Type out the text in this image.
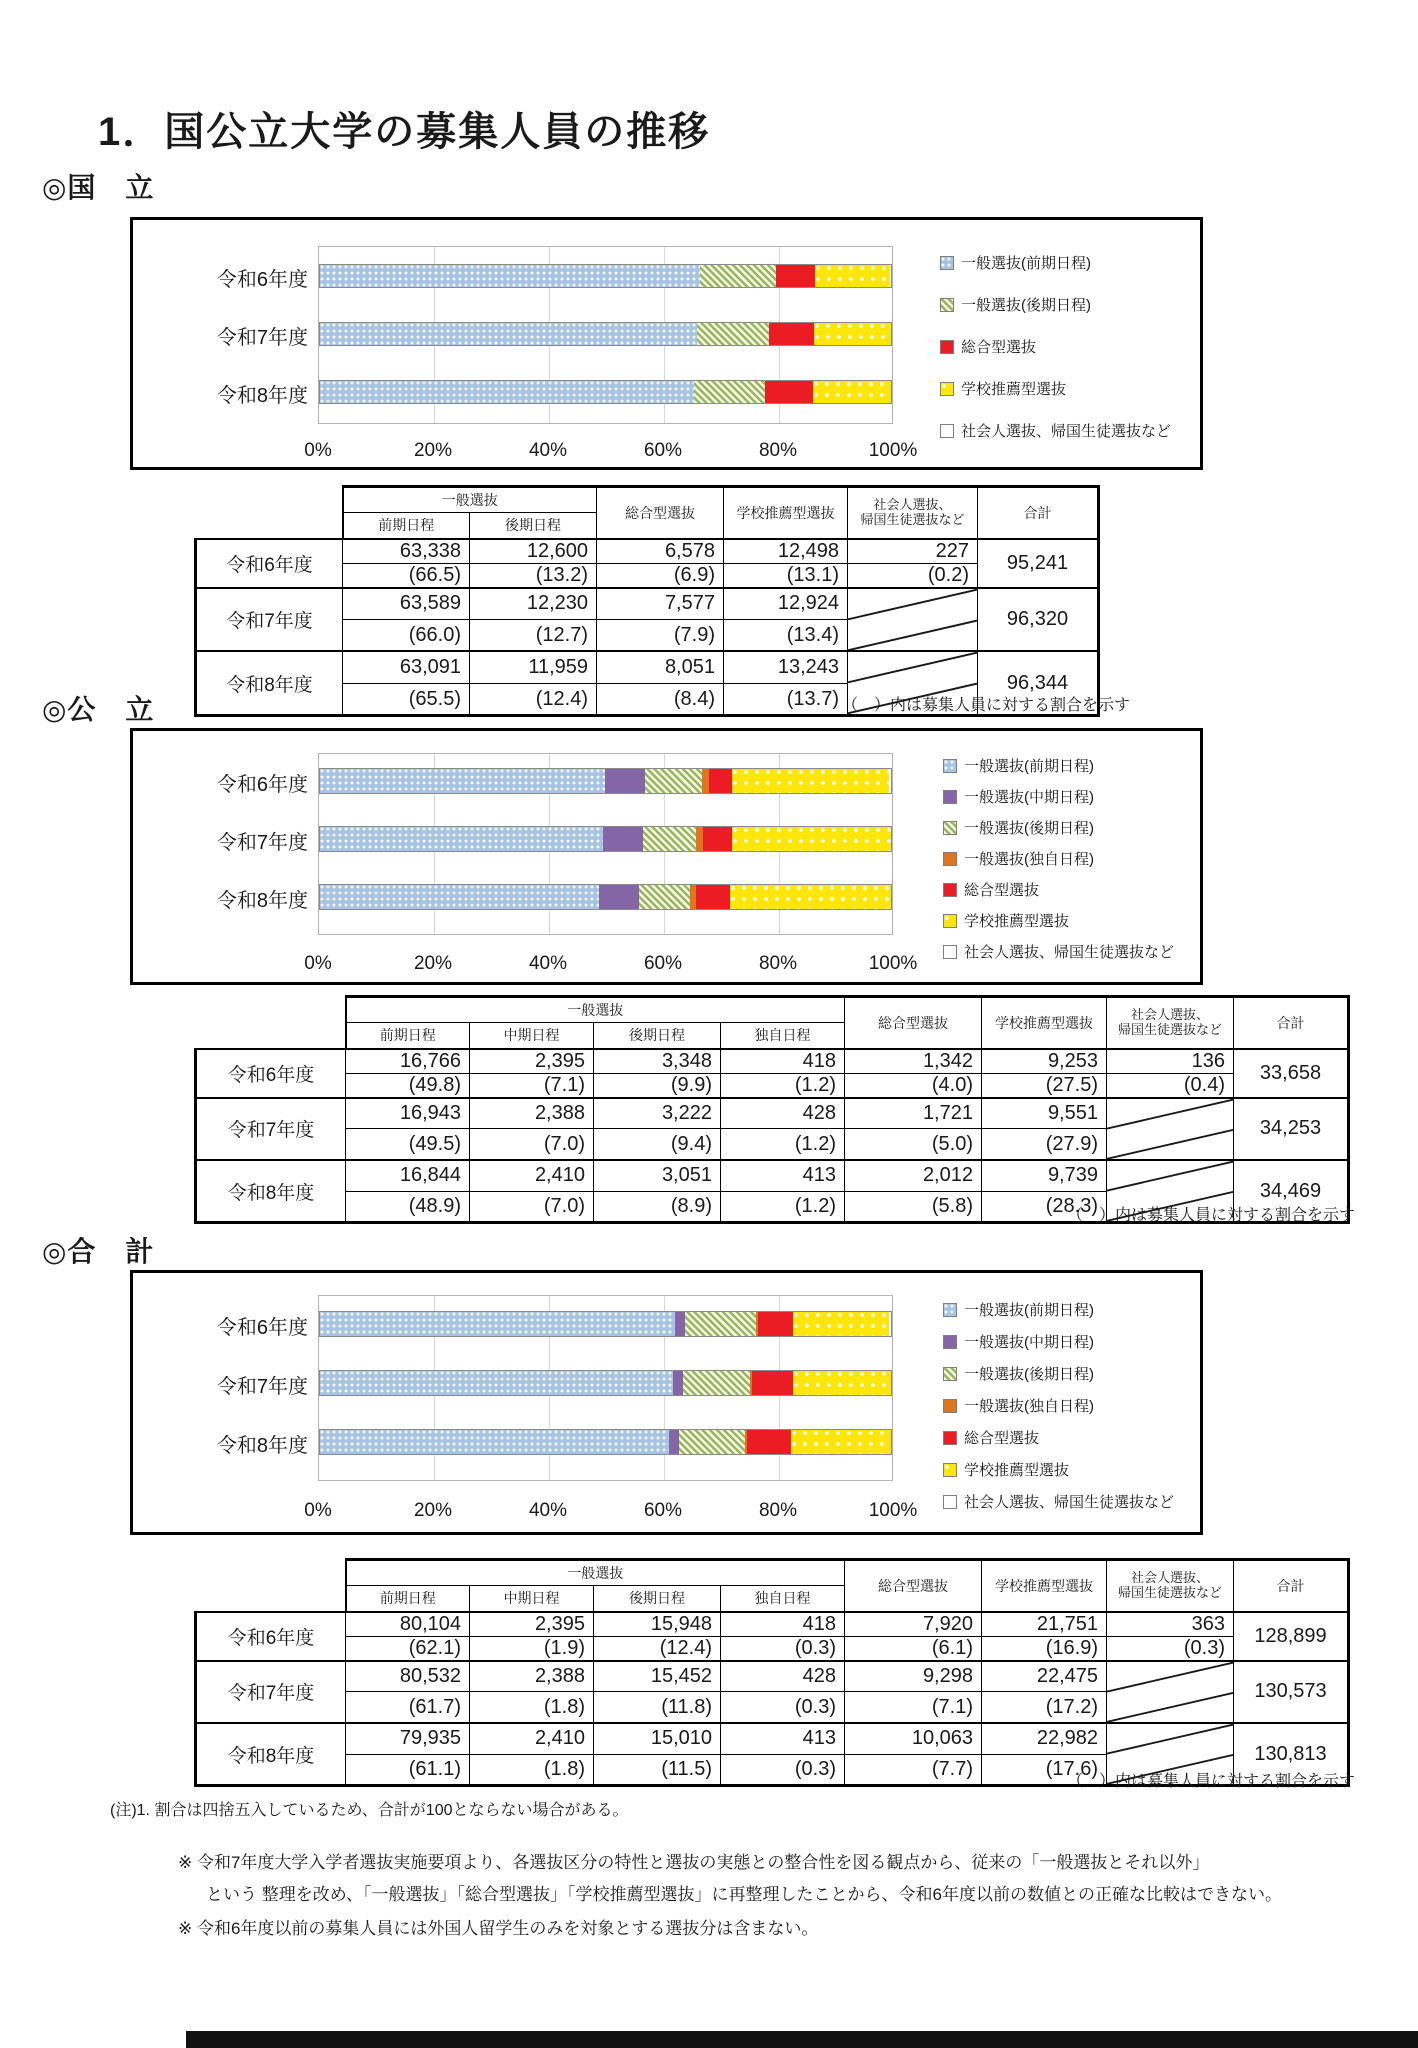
1．国公立大学の募集人員の推移
◎国　立
◎公　立
◎合　計
令和6年度
令和7年度
令和8年度
0%	20%	40%	60%	80%	100%
一般選抜(前期日程)
一般選抜(後期日程)
総合型選抜
学校推薦型選抜
社会人選抜、帰国生徒選抜など
令和6年度
令和7年度
令和8年度
0%	20%	40%	60%	80%	100%
一般選抜(前期日程)
一般選抜(中期日程)
一般選抜(後期日程)
一般選抜(独自日程)
総合型選抜
学校推薦型選抜
社会人選抜、帰国生徒選抜など
令和6年度
令和7年度
令和8年度
0%	20%	40%	60%	80%	100%
一般選抜(前期日程)
一般選抜(中期日程)
一般選抜(後期日程)
一般選抜(独自日程)
総合型選抜
学校推薦型選抜
社会人選抜、帰国生徒選抜など
	一般選抜		総合型選抜	学校推薦型選抜	社会人選抜、
帰国生徒選抜など	合計
	前期日程	後期日程				
令和6年度	63,338	12,600	6,578	12,498	227	95,241
	(66.5)	(13.2)	(6.9)	(13.1)	(0.2)	
令和7年度	63,589	12,230	7,577	12,924		96,320
	(66.0)	(12.7)	(7.9)	(13.4)		
令和8年度	63,091	11,959	8,051	13,243		96,344
	(65.5)	(12.4)	(8.4)	(13.7)		
	一般選抜				総合型選抜	学校推薦型選抜	社会人選抜、
帰国生徒選抜など	合計
	前期日程	中期日程	後期日程	独自日程				
令和6年度	16,766	2,395	3,348	418	1,342	9,253	136	33,658
	(49.8)	(7.1)	(9.9)	(1.2)	(4.0)	(27.5)	(0.4)	
令和7年度	16,943	2,388	3,222	428	1,721	9,551		34,253
	(49.5)	(7.0)	(9.4)	(1.2)	(5.0)	(27.9)		
令和8年度	16,844	2,410	3,051	413	2,012	9,739		34,469
	(48.9)	(7.0)	(8.9)	(1.2)	(5.8)	(28.3)		
	一般選抜				総合型選抜	学校推薦型選抜	社会人選抜、
帰国生徒選抜など	合計
	前期日程	中期日程	後期日程	独自日程				
令和6年度	80,104	2,395	15,948	418	7,920	21,751	363	128,899
	(62.1)	(1.9)	(12.4)	(0.3)	(6.1)	(16.9)	(0.3)	
令和7年度	80,532	2,388	15,452	428	9,298	22,475		130,573
	(61.7)	(1.8)	(11.8)	(0.3)	(7.1)	(17.2)		
令和8年度	79,935	2,410	15,010	413	10,063	22,982		130,813
	(61.1)	(1.8)	(11.5)	(0.3)	(7.7)	(17.6)		
（　）内は募集人員に対する割合を示す
（　）内は募集人員に対する割合を示す
（　）内は募集人員に対する割合を示す
(注)1. 割合は四捨五入しているため、合計が100とならない場合がある。
※ 令和7年度大学入学者選抜実施要項より、各選抜区分の特性と選抜の実態との整合性を図る観点から、従来の「一般選抜とそれ以外」
という 整理を改め、「一般選抜」「総合型選抜」「学校推薦型選抜」に再整理したことから、令和6年度以前の数値との正確な比較はできない。
※ 令和6年度以前の募集人員には外国人留学生のみを対象とする選抜分は含まない。
